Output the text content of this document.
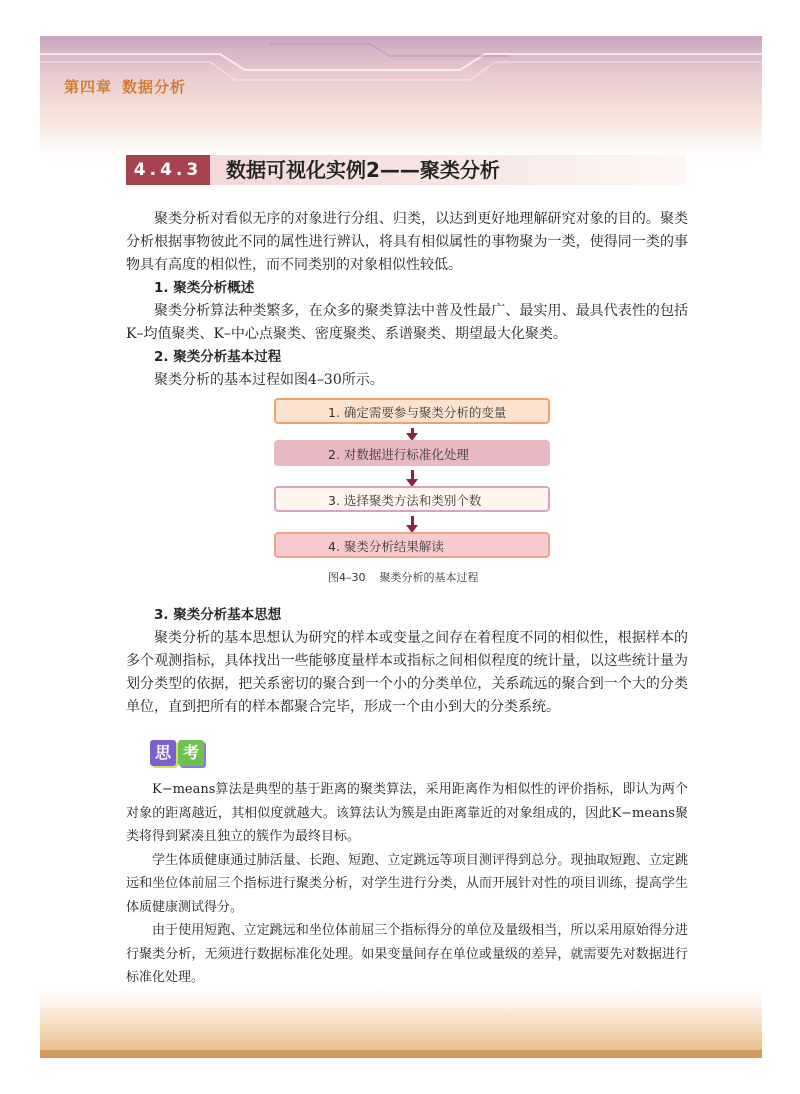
第四章 数据分析
4.4.3	数据可视化实例2——聚类分析

聚类分析对看似无序的对象进行分组、归类，以达到更好地理解研究对象的目的。聚类分析根据事物彼此不同的属性进行辨认，将具有相似属性的事物聚为一类，使得同一类的事物具有高度的相似性，而不同类别的对象相似性较低。

1. 聚类分析概述

聚类分析算法种类繁多，在众多的聚类算法中普及性最广、最实用、最具代表性的包括K–均值聚类、K–中心点聚类、密度聚类、系谱聚类、期望最大化聚类。

2. 聚类分析基本过程

聚类分析的基本过程如图4–30所示。

1. 确定需要参与聚类分析的变量
2. 对数据进行标准化处理
3. 选择聚类方法和类别个数
4. 聚类分析结果解读
图4–30 聚类分析的基本过程

3. 聚类分析基本思想

聚类分析的基本思想认为研究的样本或变量之间存在着程度不同的相似性，根据样本的多个观测指标，具体找出一些能够度量样本或指标之间相似程度的统计量，以这些统计量为划分类型的依据，把关系密切的聚合到一个小的分类单位，关系疏远的聚合到一个大的分类单位，直到把所有的样本都聚合完毕，形成一个由小到大的分类系统。

思 考

K−means算法是典型的基于距离的聚类算法，采用距离作为相似性的评价指标，即认为两个对象的距离越近，其相似度就越大。该算法认为簇是由距离靠近的对象组成的，因此K−means聚类将得到紧凑且独立的簇作为最终目标。

学生体质健康通过肺活量、长跑、短跑、立定跳远等项目测评得到总分。现抽取短跑、立定跳远和坐位体前屈三个指标进行聚类分析，对学生进行分类，从而开展针对性的项目训练，提高学生体质健康测试得分。

由于使用短跑、立定跳远和坐位体前屈三个指标得分的单位及量级相当，所以采用原始得分进行聚类分析，无须进行数据标准化处理。如果变量间存在单位或量级的差异，就需要先对数据进行标准化处理。
